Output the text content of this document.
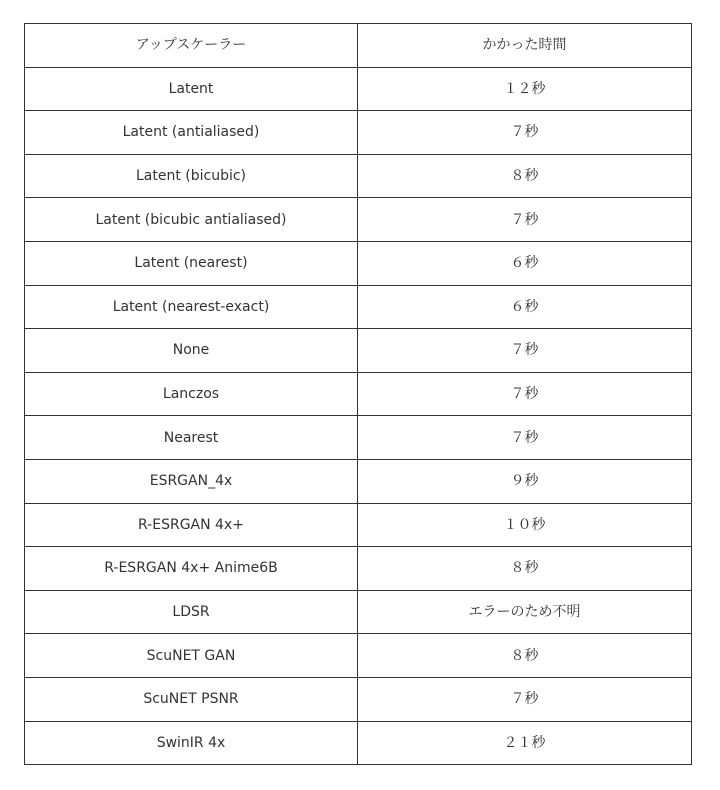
アップスケーラー	かかった時間
Latent	１２秒
Latent (antialiased)	７秒
Latent (bicubic)	８秒
Latent (bicubic antialiased)	７秒
Latent (nearest)	６秒
Latent (nearest-exact)	６秒
None	７秒
Lanczos	７秒
Nearest	７秒
ESRGAN_4x	９秒
R-ESRGAN 4x+	１０秒
R-ESRGAN 4x+ Anime6B	８秒
LDSR	エラーのため不明
ScuNET GAN	８秒
ScuNET PSNR	７秒
SwinIR 4x	２１秒
